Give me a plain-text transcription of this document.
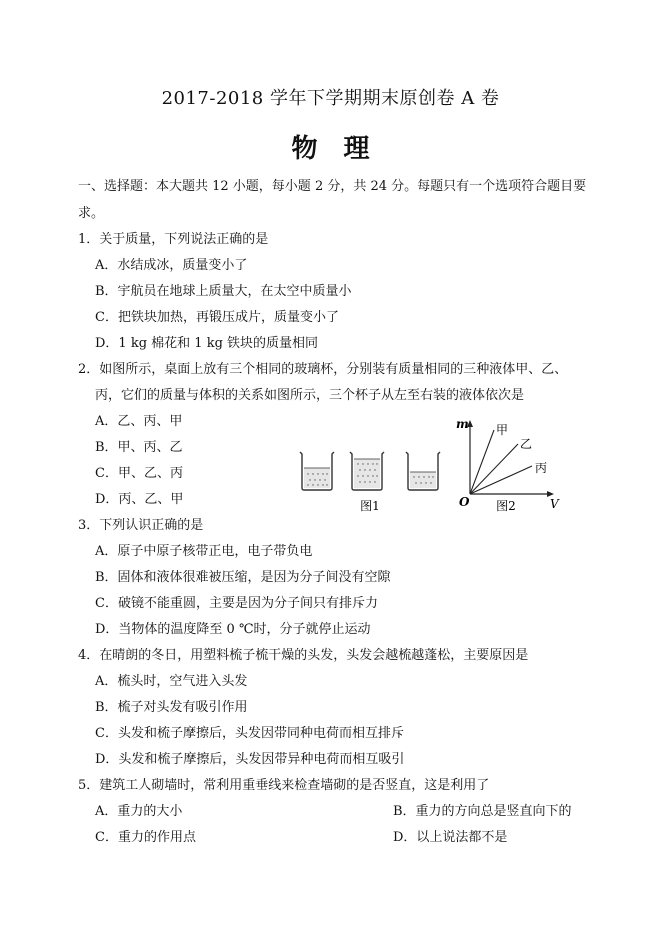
2017-2018 学年下学期期末原创卷 A 卷
物理
一、选择题：本大题共 12 小题，每小题 2 分，共 24 分。每题只有一个选项符合题目要
求。
1．关于质量，下列说法正确的是
A．水结成冰，质量变小了
B．宇航员在地球上质量大，在太空中质量小
C．把铁块加热，再锻压成片，质量变小了
D．1 kg 棉花和 1 kg 铁块的质量相同
2．如图所示，桌面上放有三个相同的玻璃杯，分别装有质量相同的三种液体甲、乙、
丙，它们的质量与体积的关系如图所示，三个杯子从左至右装的液体依次是
A．乙、丙、甲
B．甲、丙、乙
C．甲、乙、丙
D．丙、乙、甲	图1
m
V
O
甲
乙
丙
图2
3．下列认识正确的是
A．原子中原子核带正电，电子带负电
B．固体和液体很难被压缩，是因为分子间没有空隙
C．破镜不能重圆，主要是因为分子间只有排斥力
D．当物体的温度降至 0 ℃时，分子就停止运动
4．在晴朗的冬日，用塑料梳子梳干燥的头发，头发会越梳越蓬松，主要原因是
A．梳头时，空气进入头发
B．梳子对头发有吸引作用
C．头发和梳子摩擦后，头发因带同种电荷而相互排斥
D．头发和梳子摩擦后，头发因带异种电荷而相互吸引
5．建筑工人砌墙时，常利用重垂线来检查墙砌的是否竖直，这是利用了
A．重力的大小	B．重力的方向总是竖直向下的
C．重力的作用点	D．以上说法都不是
